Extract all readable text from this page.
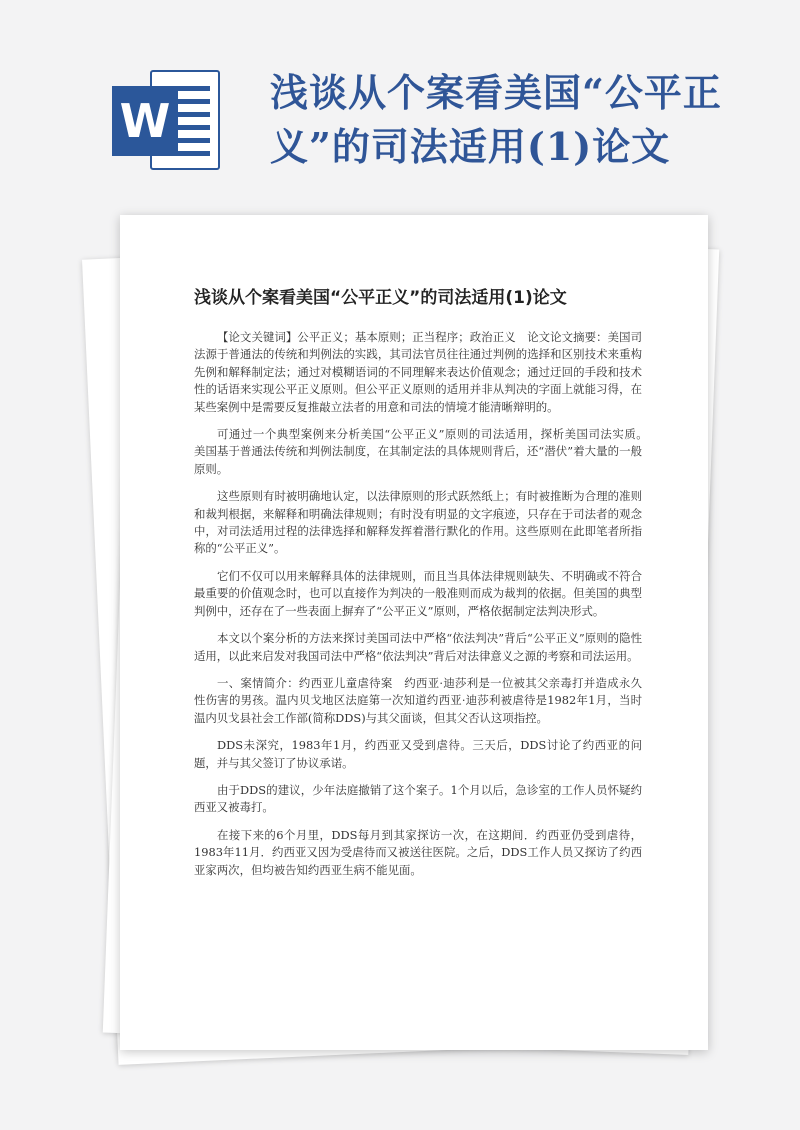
W
浅谈从个案看美国“公平正义”的司法适用(1)论文
浅谈从个案看美国“公平正义”的司法适用(1)论文

【论文关键词】公平正义；基本原则；正当程序；政治正义　论文论文摘要：美国司法源于普通法的传统和判例法的实践，其司法官员往往通过判例的选择和区别技术来重构先例和解释制定法；通过对模糊语词的不同理解来表达价值观念；通过迂回的手段和技术性的话语来实现公平正义原则。但公平正义原则的适用并非从判决的字面上就能习得，在某些案例中是需要反复推敲立法者的用意和司法的情境才能清晰辩明的。

可通过一个典型案例来分析美国“公平正义”原则的司法适用，探析美国司法实质。　美国基于普通法传统和判例法制度，在其制定法的具体规则背后，还“潜伏”着大量的一般原则。

这些原则有时被明确地认定，以法律原则的形式跃然纸上；有时被推断为合理的准则和裁判根据，来解释和明确法律规则；有时没有明显的文字痕迹，只存在于司法者的观念中，对司法适用过程的法律选择和解释发挥着潜行默化的作用。这些原则在此即笔者所指称的“公平正义”。

它们不仅可以用来解释具体的法律规则，而且当具体法律规则缺失、不明确或不符合最重要的价值观念时，也可以直接作为判决的一般准则而成为裁判的依据。但美国的典型判例中，还存在了一些表面上摒弃了“公平正义”原则，严格依据制定法判决形式。

本文以个案分析的方法来探讨美国司法中严格“依法判决”背后“公平正义”原则的隐性适用，以此来启发对我国司法中严格“依法判决”背后对法律意义之源的考察和司法运用。

一、案情简介：约西亚儿童虐待案　约西亚·迪莎利是一位被其父亲毒打并造成永久性伤害的男孩。温内贝戈地区法庭第一次知道约西亚·迪莎利被虐待是1982年1月，当时温内贝戈县社会工作部(简称DDS)与其父面谈，但其父否认这项指控。

DDS未深究，1983年1月，约西亚又受到虐待。三天后，DDS讨论了约西亚的问题，并与其父签订了协议承诺。

由于DDS的建议，少年法庭撤销了这个案子。1个月以后，急诊室的工作人员怀疑约西亚又被毒打。

在接下来的6个月里，DDS每月到其家探访一次，在这期间．约西亚仍受到虐待，1983年11月．约西亚又因为受虐待而又被送往医院。之后，DDS工作人员又探访了约西亚家两次，但均被告知约西亚生病不能见面。
